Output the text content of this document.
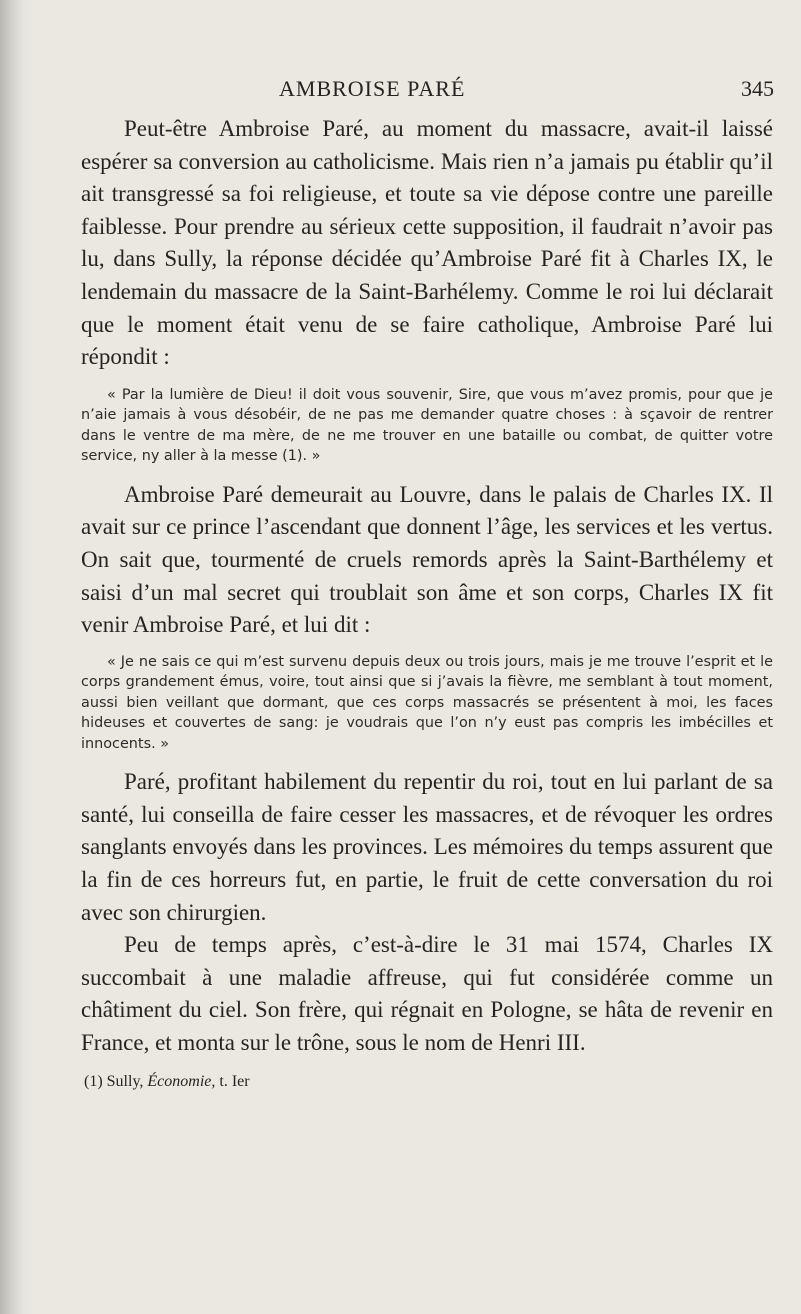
AMBROISE PARÉ	345

Peut-être Ambroise Paré, au moment du massacre, avait-il laissé espérer sa conversion au catholicisme. Mais rien n’a jamais pu établir qu’il ait transgressé sa foi religieuse, et toute sa vie dépose contre une pareille faiblesse. Pour prendre au sérieux cette supposition, il faudrait n’avoir pas lu, dans Sully, la réponse décidée qu’Ambroise Paré fit à Charles IX, le lendemain du massacre de la Saint-Barhélemy. Comme le roi lui déclarait que le moment était venu de se faire catholique, Ambroise Paré lui répondit :

« Par la lumière de Dieu! il doit vous souvenir, Sire, que vous m’avez promis, pour que je n’aie jamais à vous désobéir, de ne pas me demander quatre choses : à sçavoir de rentrer dans le ventre de ma mère, de ne me trouver en une bataille ou combat, de quitter votre service, ny aller à la messe (1). »

Ambroise Paré demeurait au Louvre, dans le palais de Charles IX. Il avait sur ce prince l’ascendant que donnent l’âge, les services et les vertus. On sait que, tourmenté de cruels remords après la Saint-Barthélemy et saisi d’un mal secret qui troublait son âme et son corps, Charles IX fit venir Ambroise Paré, et lui dit :

« Je ne sais ce qui m’est survenu depuis deux ou trois jours, mais je me trouve l’esprit et le corps grandement émus, voire, tout ainsi que si j’avais la fièvre, me semblant à tout moment, aussi bien veillant que dormant, que ces corps massacrés se présentent à moi, les faces hideuses et couvertes de sang: je voudrais que l’on n’y eust pas compris les imbécilles et innocents. »

Paré, profitant habilement du repentir du roi, tout en lui parlant de sa santé, lui conseilla de faire cesser les massacres, et de révoquer les ordres sanglants envoyés dans les provinces. Les mémoires du temps assurent que la fin de ces horreurs fut, en partie, le fruit de cette conversation du roi avec son chirurgien.

Peu de temps après, c’est-à-dire le 31 mai 1574, Charles IX succombait à une maladie affreuse, qui fut considérée comme un châtiment du ciel. Son frère, qui régnait en Pologne, se hâta de revenir en France, et monta sur le trône, sous le nom de Henri III.

(1) Sully, Économie, t. Ier
